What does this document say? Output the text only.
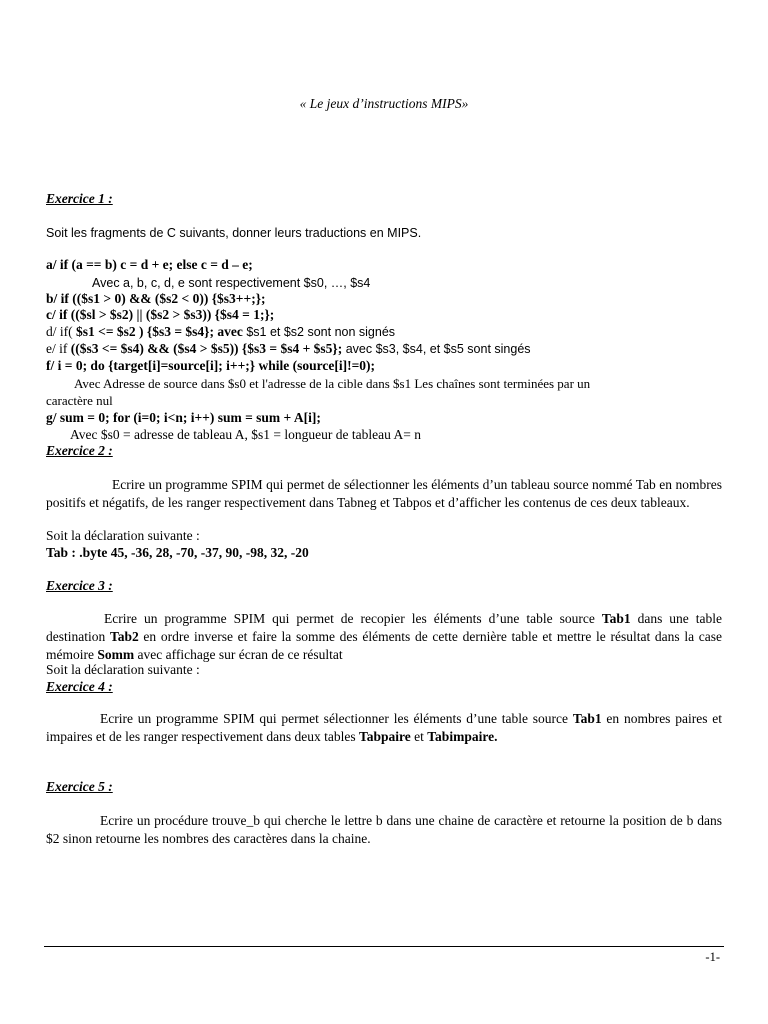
« Le jeux d’instructions MIPS»
Exercice 1 :
Soit les fragments de C suivants, donner leurs traductions en MIPS.
a/ if (a == b) c = d + e; else c = d – e;
Avec a, b, c, d, e sont respectivement $s0, …, $s4
b/ if (($s1 > 0) && ($s2 < 0)) {$s3++;};
c/ if (($sl > $s2) || ($s2 > $s3)) {$s4 = 1;};
d/ if( $s1 <= $s2 ) {$s3 = $s4}; avec $s1 et $s2 sont non signés
e/ if (($s3 <= $s4) && ($s4 > $s5)) {$s3 = $s4 + $s5}; avec $s3, $s4, et $s5 sont singés
f/ i = 0; do {target[i]=source[i]; i++;} while (source[i]!=0);
Avec Adresse de source dans $s0 et l'adresse de la cible dans $s1 Les chaînes sont terminées par un
caractère nul
g/ sum = 0; for (i=0; i<n; i++) sum = sum + A[i];
Avec $s0 = adresse de tableau A, $s1 = longueur de tableau A= n
Exercice 2 :
Ecrire un programme SPIM qui permet de sélectionner les éléments d’un tableau source nommé Tab en nombres positifs et négatifs, de les ranger respectivement dans Tabneg et Tabpos et d’afficher les contenus de ces deux tableaux.
Soit la déclaration suivante :
Tab : .byte 45, -36, 28, -70, -37, 90, -98, 32, -20
Exercice 3 :
Ecrire un programme SPIM qui permet de recopier les éléments d’une table source Tab1 dans une table destination Tab2 en ordre inverse et faire la somme des éléments de cette dernière table et mettre le résultat dans la case mémoire Somm avec affichage sur écran de ce résultat
Soit la déclaration suivante :
Exercice 4 :
Ecrire un programme SPIM qui permet sélectionner les éléments d’une table source Tab1 en nombres paires et impaires et de les ranger respectivement dans deux tables Tabpaire et Tabimpaire.
Exercice 5 :
Ecrire un procédure trouve_b qui cherche le lettre b dans une chaine de caractère et retourne la position de b dans $2 sinon retourne les nombres des caractères dans la chaine.
-1-
